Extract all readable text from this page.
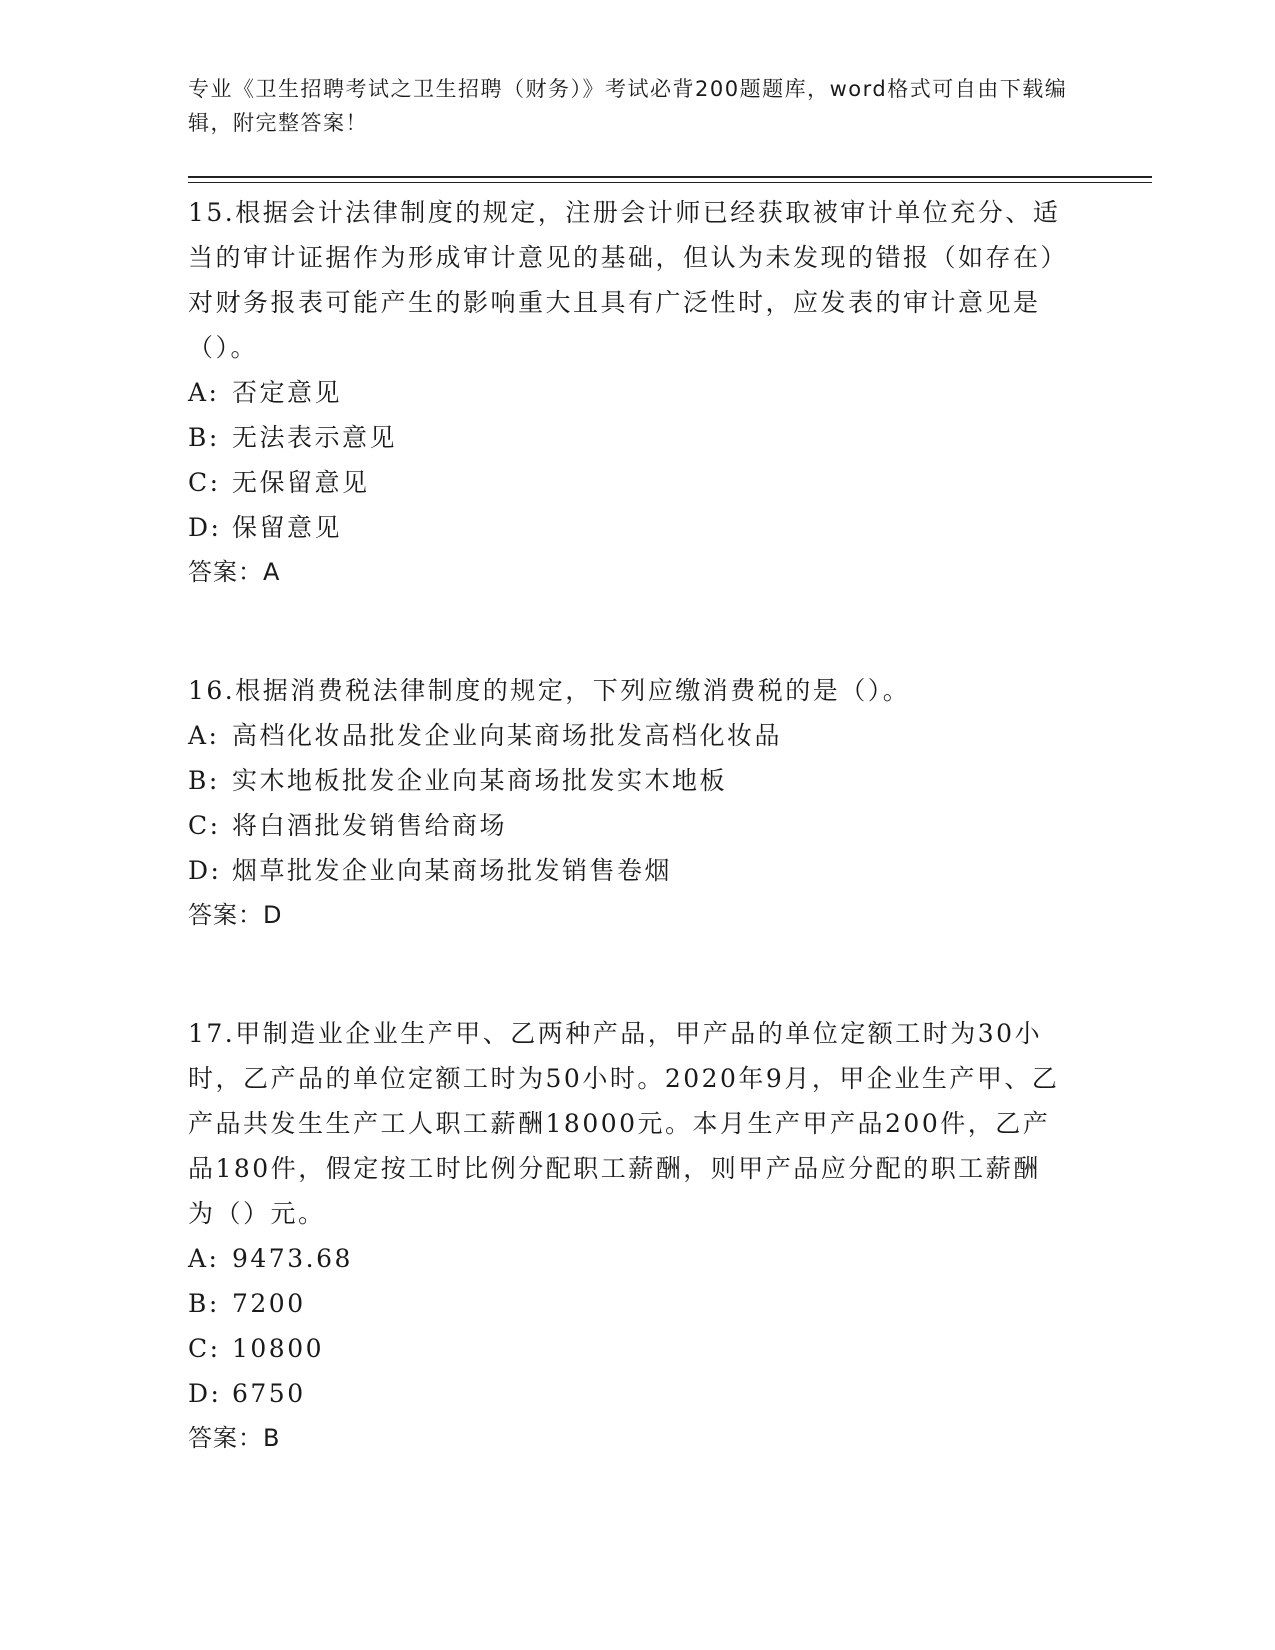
专业《卫生招聘考试之卫生招聘（财务）》考试必背200题题库，word格式可自由下载编辑，附完整答案！

15.根据会计法律制度的规定，注册会计师已经获取被审计单位充分、适当的审计证据作为形成审计意见的基础，但认为未发现的错报（如存在）对财务报表可能产生的影响重大且具有广泛性时，应发表的审计意见是（）。

A: 否定意见

B: 无法表示意见

C: 无保留意见

D: 保留意见

答案：A

16.根据消费税法律制度的规定，下列应缴消费税的是（）。

A: 高档化妆品批发企业向某商场批发高档化妆品

B: 实木地板批发企业向某商场批发实木地板

C: 将白酒批发销售给商场

D: 烟草批发企业向某商场批发销售卷烟

答案：D

17.甲制造业企业生产甲、乙两种产品，甲产品的单位定额工时为30小时，乙产品的单位定额工时为50小时。2020年9月，甲企业生产甲、乙产品共发生生产工人职工薪酬18000元。本月生产甲产品200件，乙产品180件，假定按工时比例分配职工薪酬，则甲产品应分配的职工薪酬为（）元。

A: 9473.68

B: 7200

C: 10800

D: 6750

答案：B
